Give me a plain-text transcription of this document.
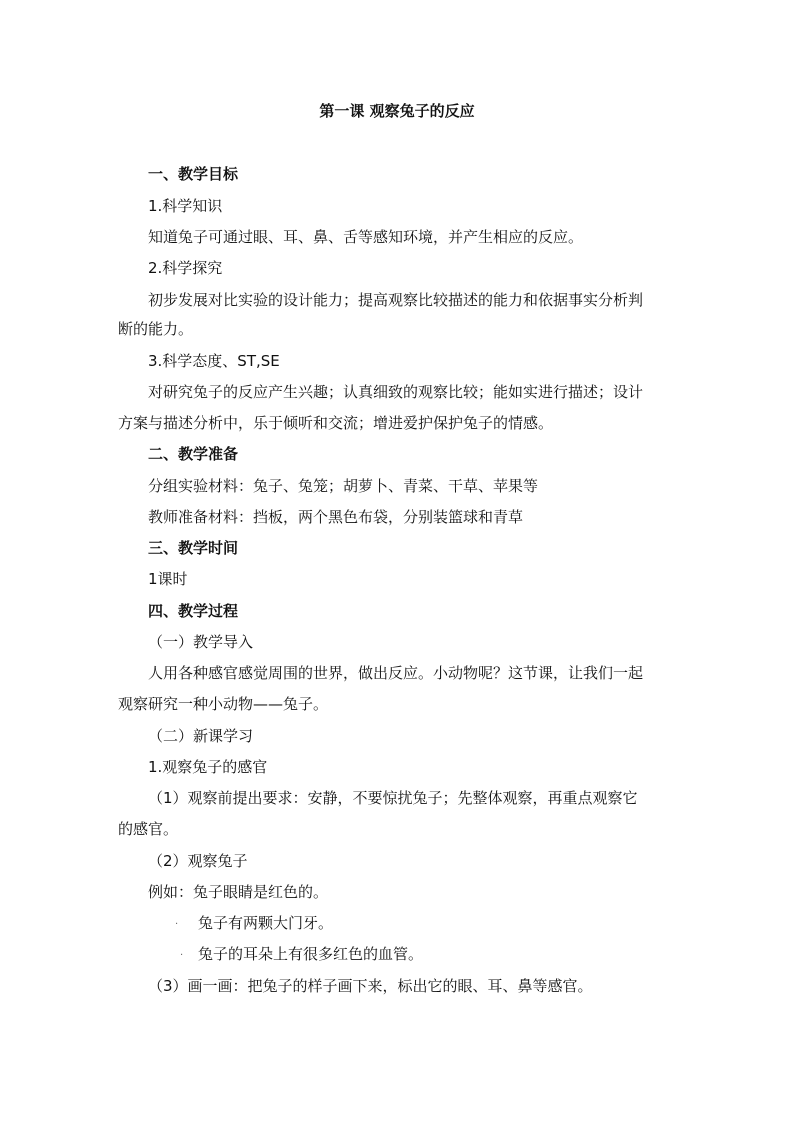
第一课 观察兔子的反应
一、教学目标
1.科学知识
知道兔子可通过眼、耳、鼻、舌等感知环境，并产生相应的反应。
2.科学探究
初步发展对比实验的设计能力；提高观察比较描述的能力和依据事实分析判
断的能力。
3.科学态度、ST,SE
对研究兔子的反应产生兴趣；认真细致的观察比较；能如实进行描述；设计
方案与描述分析中，乐于倾听和交流；增进爱护保护兔子的情感。
二、教学准备
分组实验材料：兔子、兔笼；胡萝卜、青菜、干草、苹果等
教师准备材料：挡板，两个黑色布袋，分别装篮球和青草
三、教学时间
1课时
四、教学过程
（一）教学导入
人用各种感官感觉周围的世界，做出反应。小动物呢？这节课，让我们一起
观察研究一种小动物——兔子。
（二）新课学习
1.观察兔子的感官
（1）观察前提出要求：安静，不要惊扰兔子；先整体观察，再重点观察它
的感官。
（2）观察兔子
例如：兔子眼睛是红色的。
· 兔子有两颗大门牙。
· 兔子的耳朵上有很多红色的血管。
（3）画一画：把兔子的样子画下来，标出它的眼、耳、鼻等感官。
